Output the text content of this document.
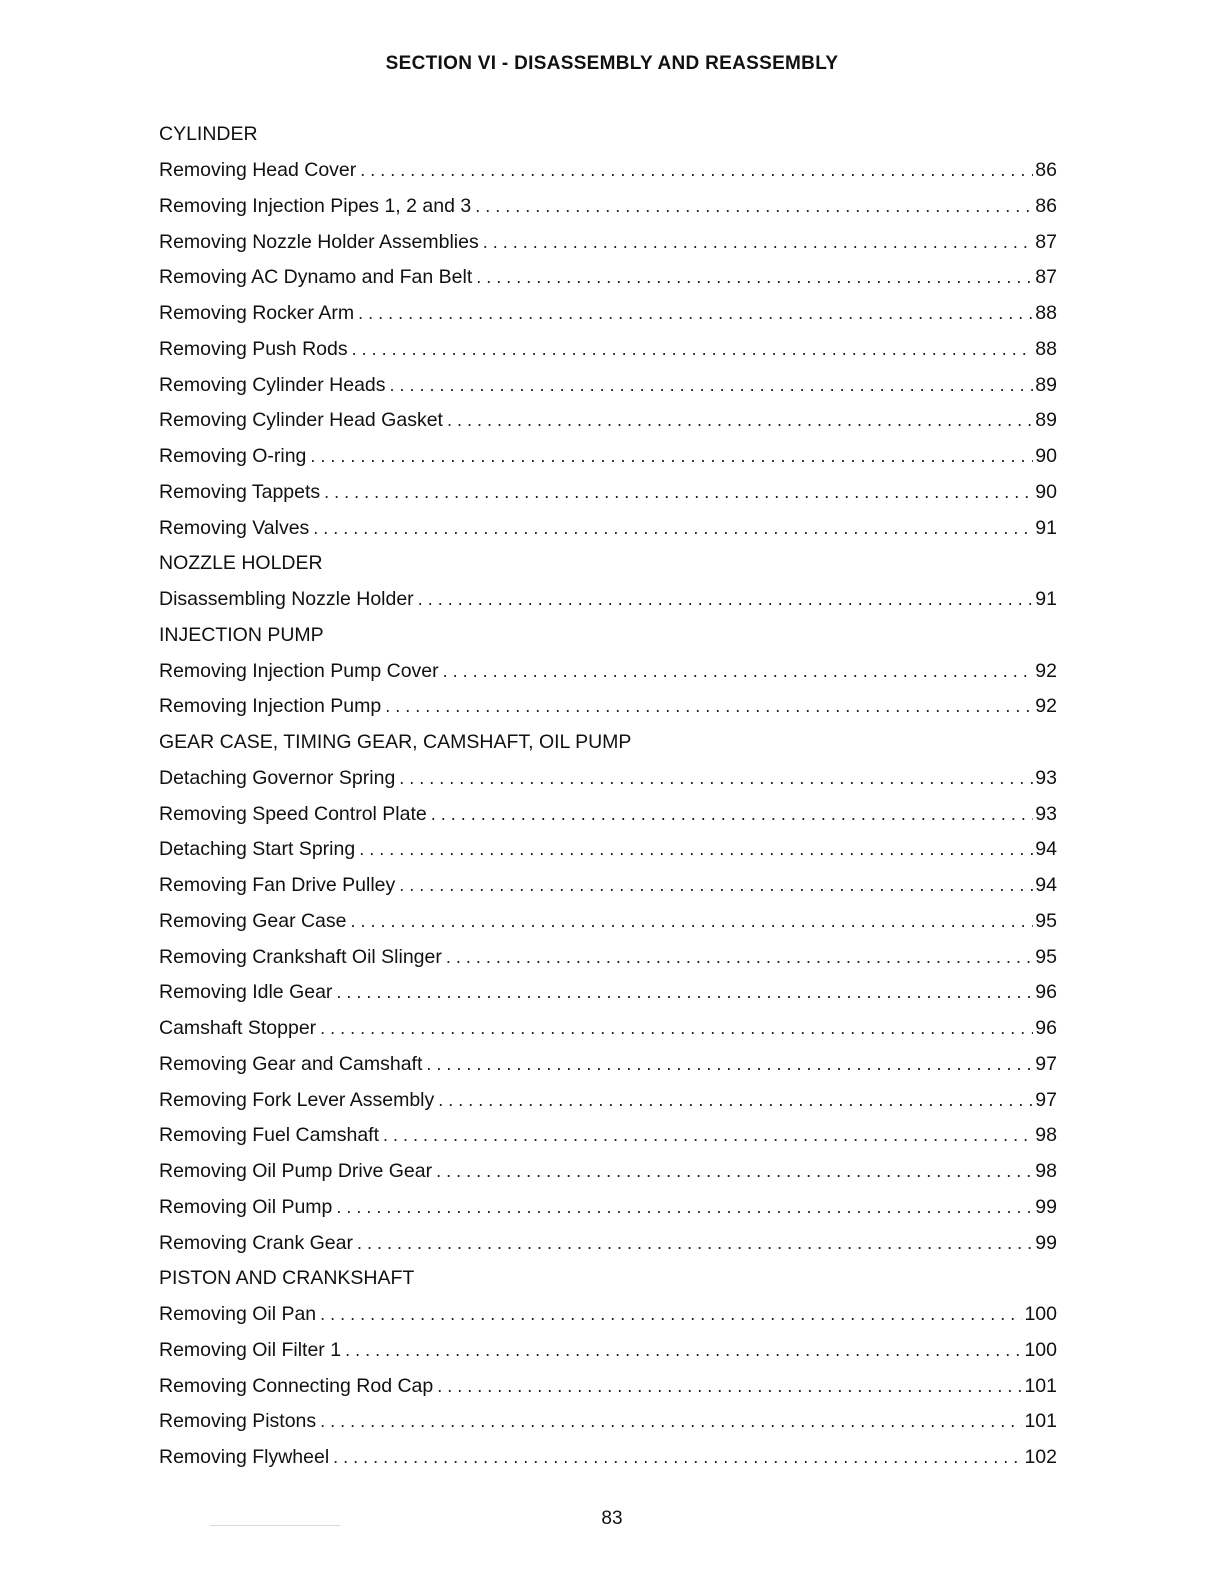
SECTION VI - DISASSEMBLY AND REASSEMBLY
CYLINDER
Removing Head Cover . . .	86
Removing Injection Pipes 1, 2 and 3 . . .	86
Removing Nozzle Holder Assemblies . . .	87
Removing AC Dynamo and Fan Belt . . .	87
Removing Rocker Arm . . .	88
Removing Push Rods . . .	88
Removing Cylinder Heads . . .	89
Removing Cylinder Head Gasket . . .	89
Removing O-ring . . .	90
Removing Tappets . . .	90
Removing Valves . . .	91
NOZZLE HOLDER
Disassembling Nozzle Holder . . .	91
INJECTION PUMP
Removing Injection Pump Cover . . .	92
Removing Injection Pump . . .	92
GEAR CASE, TIMING GEAR, CAMSHAFT, OIL PUMP
Detaching Governor Spring . . .	93
Removing Speed Control Plate . . .	93
Detaching Start Spring . . .	94
Removing Fan Drive Pulley . . .	94
Removing Gear Case . . .	95
Removing Crankshaft Oil Slinger . . .	95
Removing Idle Gear . . .	96
Camshaft Stopper . . .	96
Removing Gear and Camshaft . . .	97
Removing Fork Lever Assembly . . .	97
Removing Fuel Camshaft . . .	98
Removing Oil Pump Drive Gear . . .	98
Removing Oil Pump . . .	99
Removing Crank Gear . . .	99
PISTON AND CRANKSHAFT
Removing Oil Pan . . .	100
Removing Oil Filter 1 . . .	100
Removing Connecting Rod Cap . . .	101
Removing Pistons . . .	101
Removing Flywheel . . .	102
83
